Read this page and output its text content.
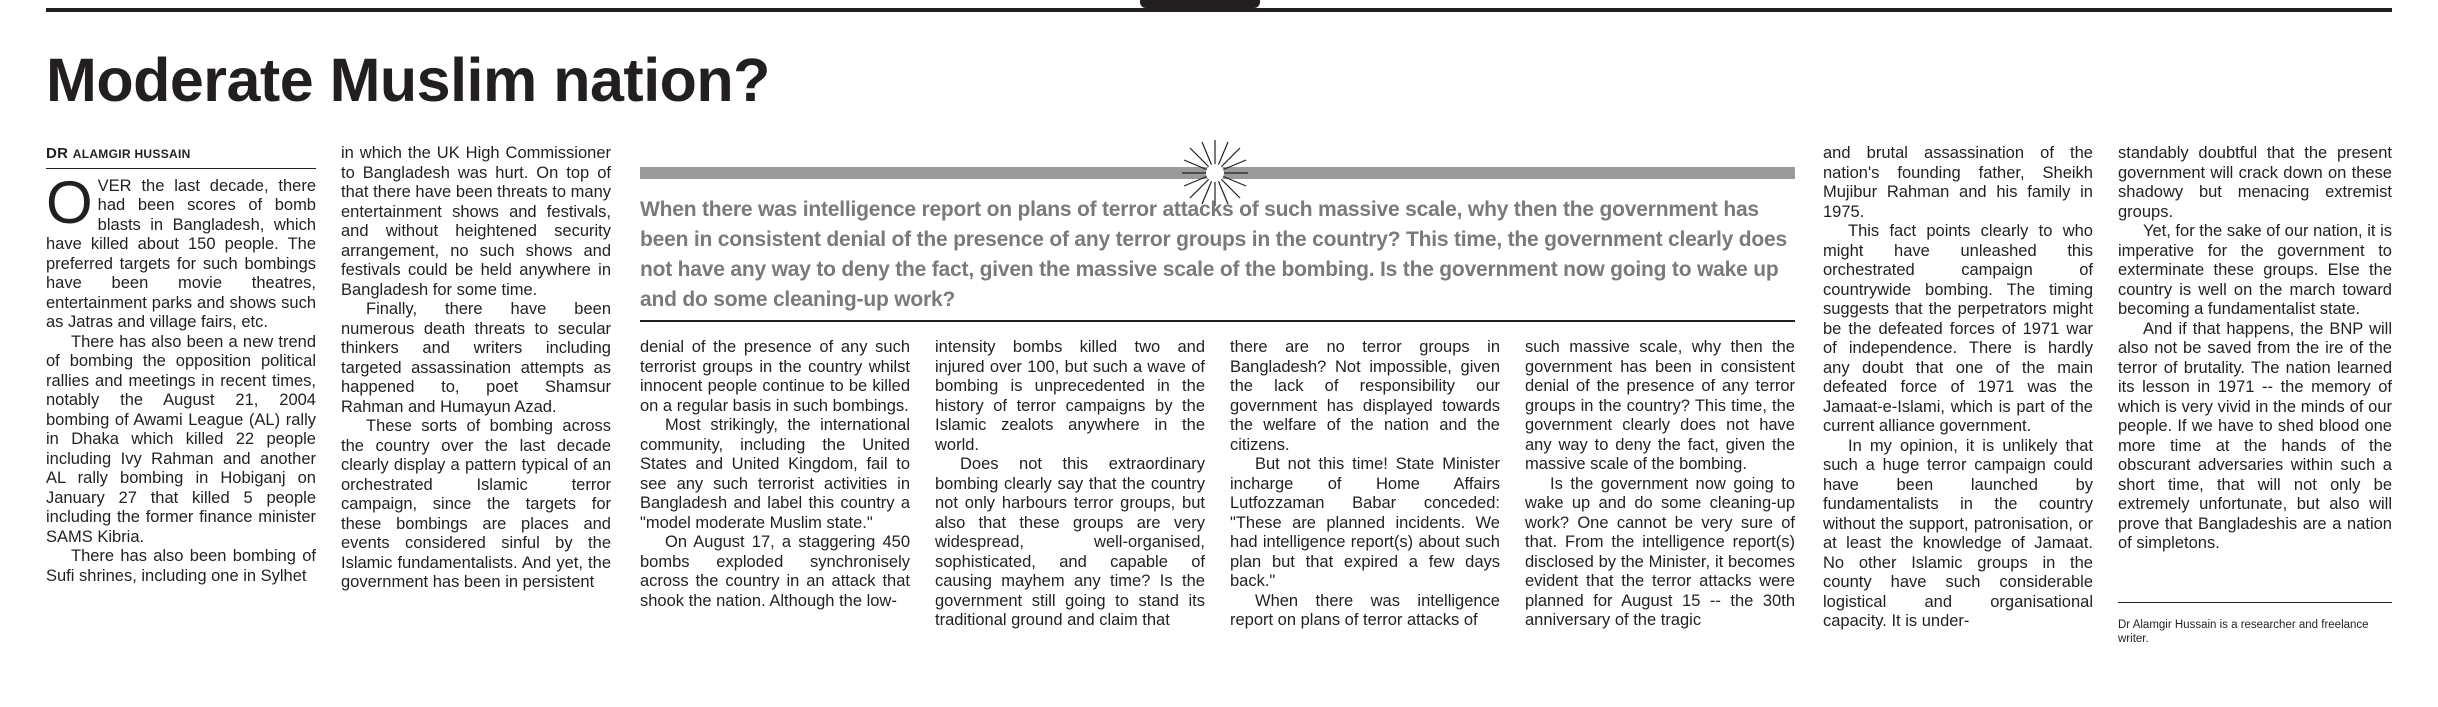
Moderate Muslim nation?
DR ALAMGIR HUSSAIN

OVER the last decade, there had been scores of bomb blasts in Bangladesh, which have killed about 150 people. The preferred targets for such bombings have been movie theatres, entertainment parks and shows such as Jatras and village fairs, etc.

There has also been a new trend of bombing the opposition political rallies and meetings in recent times, notably the August 21, 2004 bombing of Awami League (AL) rally in Dhaka which killed 22 people including Ivy Rahman and another AL rally bombing in Hobiganj on January 27 that killed 5 people including the former finance minister SAMS Kibria.

There has also been bombing of Sufi shrines, including one in Sylhet

in which the UK High Commissioner to Bangladesh was hurt. On top of that there have been threats to many entertainment shows and festivals, and without heightened security arrangement, no such shows and festivals could be held anywhere in Bangladesh for some time.

Finally, there have been numerous death threats to secular thinkers and writers including targeted assassination attempts as happened to, poet Shamsur Rahman and Humayun Azad.

These sorts of bombing across the country over the last decade clearly display a pattern typical of an orchestrated Islamic terror campaign, since the targets for these bombings are places and events considered sinful by the Islamic fundamentalists. And yet, the government has been in persistent

When there was intelligence report on plans of terror attacks of such massive scale, why then the government has been in consistent denial of the presence of any terror groups in the country? This time, the government clearly does not have any way to deny the fact, given the massive scale of the bombing. Is the government now going to wake up and do some cleaning-up work?

denial of the presence of any such terrorist groups in the country whilst innocent people continue to be killed on a regular basis in such bombings.

Most strikingly, the international community, including the United States and United Kingdom, fail to see any such terrorist activities in Bangladesh and label this country a "model moderate Muslim state."

On August 17, a staggering 450 bombs exploded synchronisely across the country in an attack that shook the nation. Although the low-

intensity bombs killed two and injured over 100, but such a wave of bombing is unprecedented in the history of terror campaigns by the Islamic zealots anywhere in the world.

Does not this extraordinary bombing clearly say that the country not only harbours terror groups, but also that these groups are very widespread, well-organised, sophisticated, and capable of causing mayhem any time? Is the government still going to stand its traditional ground and claim that

there are no terror groups in Bangladesh? Not impossible, given the lack of responsibility our government has displayed towards the welfare of the nation and the citizens.

But not this time! State Minister incharge of Home Affairs Lutfozzaman Babar conceded: "These are planned incidents. We had intelligence report(s) about such plan but that expired a few days back."

When there was intelligence report on plans of terror attacks of

such massive scale, why then the government has been in consistent denial of the presence of any terror groups in the country? This time, the government clearly does not have any way to deny the fact, given the massive scale of the bombing.

Is the government now going to wake up and do some cleaning-up work? One cannot be very sure of that. From the intelligence report(s) disclosed by the Minister, it becomes evident that the terror attacks were planned for August 15 -- the 30th anniversary of the tragic

and brutal assassination of the nation's founding father, Sheikh Mujibur Rahman and his family in 1975.

This fact points clearly to who might have unleashed this orchestrated campaign of countrywide bombing. The timing suggests that the perpetrators might be the defeated forces of 1971 war of independence. There is hardly any doubt that one of the main defeated force of 1971 was the Jamaat-e-Islami, which is part of the current alliance government.

In my opinion, it is unlikely that such a huge terror campaign could have been launched by fundamentalists in the country without the support, patronisation, or at least the knowledge of Jamaat. No other Islamic groups in the county have such considerable logistical and organisational capacity. It is under-

standably doubtful that the present government will crack down on these shadowy but menacing extremist groups.

Yet, for the sake of our nation, it is imperative for the government to exterminate these groups. Else the country is well on the march toward becoming a fundamentalist state.

And if that happens, the BNP will also not be saved from the ire of the terror of brutality. The nation learned its lesson in 1971 -- the memory of which is very vivid in the minds of our people. If we have to shed blood one more time at the hands of the obscurant adversaries within such a short time, that will not only be extremely unfortunate, but also will prove that Bangladeshis are a nation of simpletons.

Dr Alamgir Hussain is a researcher and freelance writer.
